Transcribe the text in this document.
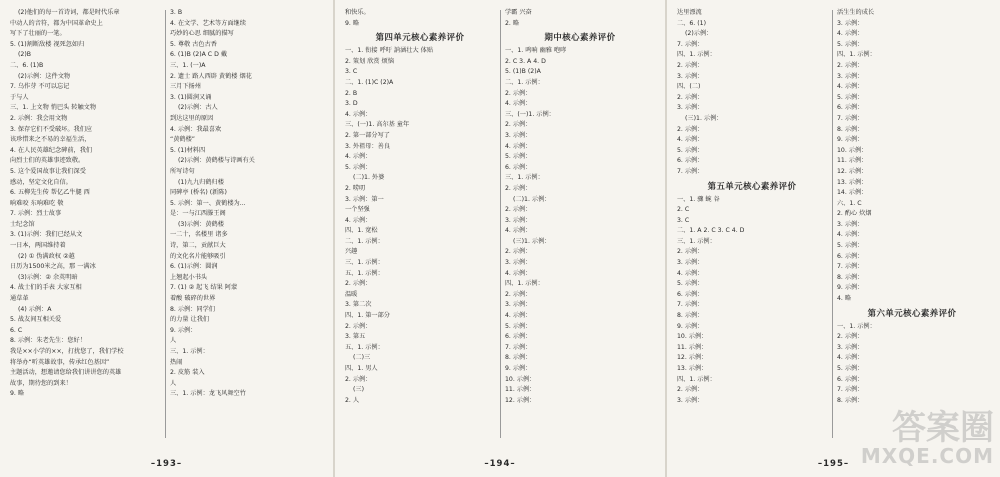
(2)他们的每一首诗词，都是时代乐章
中动人的音符，都为中国革命史上
写下了壮丽的一笔。
5. (1)割断敌楼 视死忽如归
(2)B
二、6. (1)B
(2)示例：这件文物
7. 乌作芽 不可以忘记
于与人
三、1. 上文物 悄巴头 转触文物
2. 示例：我会用文物
3. 保存它们不受破坏。我们应
该珍惜来之不易的幸福生活，
4. 在人民英雄纪念碑前，我们
向烈士们的英雄事迹致敬。
5. 这个爱国故事让我们深受
感动，坚定文化自信。
6. 五柳先生传 帮亿乙牛腿 西
晌难咬 东响难吃 敬
7. 示例：烈士故事
士纪念馆
3. (1)示例：我们已经从文
一日本，两国维持着
(2) ① 伪满政权 ②越
日历为1500米之高，那 一满冰
(3)示例：② 余英明暗
4. 战士们的手表 大家互相
通草革
(4) 示例：A
5. 战友间互相关爱
6. C
8. 示例：朱老先生：您好！
我是××小学的××，打扰您了，我们学校
将举办“听英雄故事，传承红色基因”
主题活动，想邀请您给我们讲讲您的英雄
故事，期待您的到来！
9. 略
3. B
4. 在文学、艺术等方面继续
巧妙的心思 细腻的描写
5. 尊敬 古色古香
6. (1)B (2)A C D 戴
三、1. (一)A
2. 遗士 路人西辟 黄鹤楼 烟花
三月下扬州
3. (1)圆润又诵
(2)示例：古人
到达这里的原因
4. 示例：我最喜欢
“黄鹤楼”
5. (1)材料四
(2)示例：黄鹤楼与诗画有关
所写诗句
(1)九九归鹤归楼
同碑亭 (桥名) (新陈)
5. 示例：第一、黄鹤楼为...
是：一与江西滕王阁
(3)示例：黄鹤楼
一二十，名楼里 诸多
诗，第二，贡献巨大
的文化名片能够吸引
6. (1)示例：圆润
上翘起小书头
7. (1) ② 起飞 结果 阿蒙
着酸 破碎的世界
8. 示例：同学们
的力量 让我们
9. 示例：
人
三、1. 示例：
热闹
2. 皮筋 装入
人
三、1. 示例：龙飞风舞空竹
–193–
和快乐。
9. 略
第四单元核心素养评价
一、1. 衔接 呼吁 訥涵壮大 体贴
2. 策划 欣赏 烦恼
3. C
二、1. (1)C (2)A
2. B
3. D
4. 示例：
三、(一)1. 高尔基 童年
2. 第一部分写了
3. 外祖母：善良
4. 示例：
5. 示例：
(二)1. 外婆
2. 唠叨
3. 示例：第一
一个坚强
4. 示例：
四、1. 宽松
二、1. 示例：
兴趣
三、1. 示例：
五、1. 示例：
2. 示例：
温暖
3. 第二次
四、1. 第一部分
2. 示例：
3. 第五
五、1. 示例：
(二)三
四、1. 男人
2. 示例：
(三)
2. 人
学霸 兴奋
2. 略
期中核心素养评价
一、1. 鸣响 幽雅 咆哮
2. C 3. A 4. D
5. (1)B (2)A
二、1. 示例：
2. 示例：
4. 示例：
三、(一)1. 示例：
2. 示例：
3. 示例：
4. 示例：
5. 示例：
6. 示例：
三、1. 示例：
2. 示例：
(二)1. 示例：
2. 示例：
3. 示例：
4. 示例：
(三)1. 示例：
2. 示例：
3. 示例：
4. 示例：
四、1. 示例：
2. 示例：
3. 示例：
4. 示例：
5. 示例：
6. 示例：
7. 示例：
8. 示例：
9. 示例：
10. 示例：
11. 示例：
12. 示例：
–194–
达里漂流
二、6. (1)
(2)示例：
7. 示例：
四、1. 示例：
2. 示例：
3. 示例：
四、(二)
2. 示例：
3. 示例：
(三)1. 示例：
2. 示例：
4. 示例：
5. 示例：
6. 示例：
7. 示例：
第五单元核心素养评价
一、1. 骤 蜿 谷
2. C
3. C
二、1. A 2. C 3. C 4. D
三、1. 示例：
2. 示例：
3. 示例：
4. 示例：
5. 示例：
6. 示例：
7. 示例：
8. 示例：
9. 示例：
10. 示例：
11. 示例：
12. 示例：
13. 示例：
四、1. 示例：
2. 示例：
3. 示例：
活生生的成长
3. 示例：
4. 示例：
5. 示例：
四、1. 示例：
2. 示例：
3. 示例：
4. 示例：
5. 示例：
6. 示例：
7. 示例：
8. 示例：
9. 示例：
10. 示例：
11. 示例：
12. 示例：
13. 示例：
14. 示例：
六、1. C
2. 酌心 炊烟
3. 示例：
4. 示例：
5. 示例：
6. 示例：
7. 示例：
8. 示例：
9. 示例：
4. 略
第六单元核心素养评价
一、1. 示例：
2. 示例：
3. 示例：
4. 示例：
5. 示例：
6. 示例：
7. 示例：
8. 示例：
–195–
答案圈
MXQE.COM
